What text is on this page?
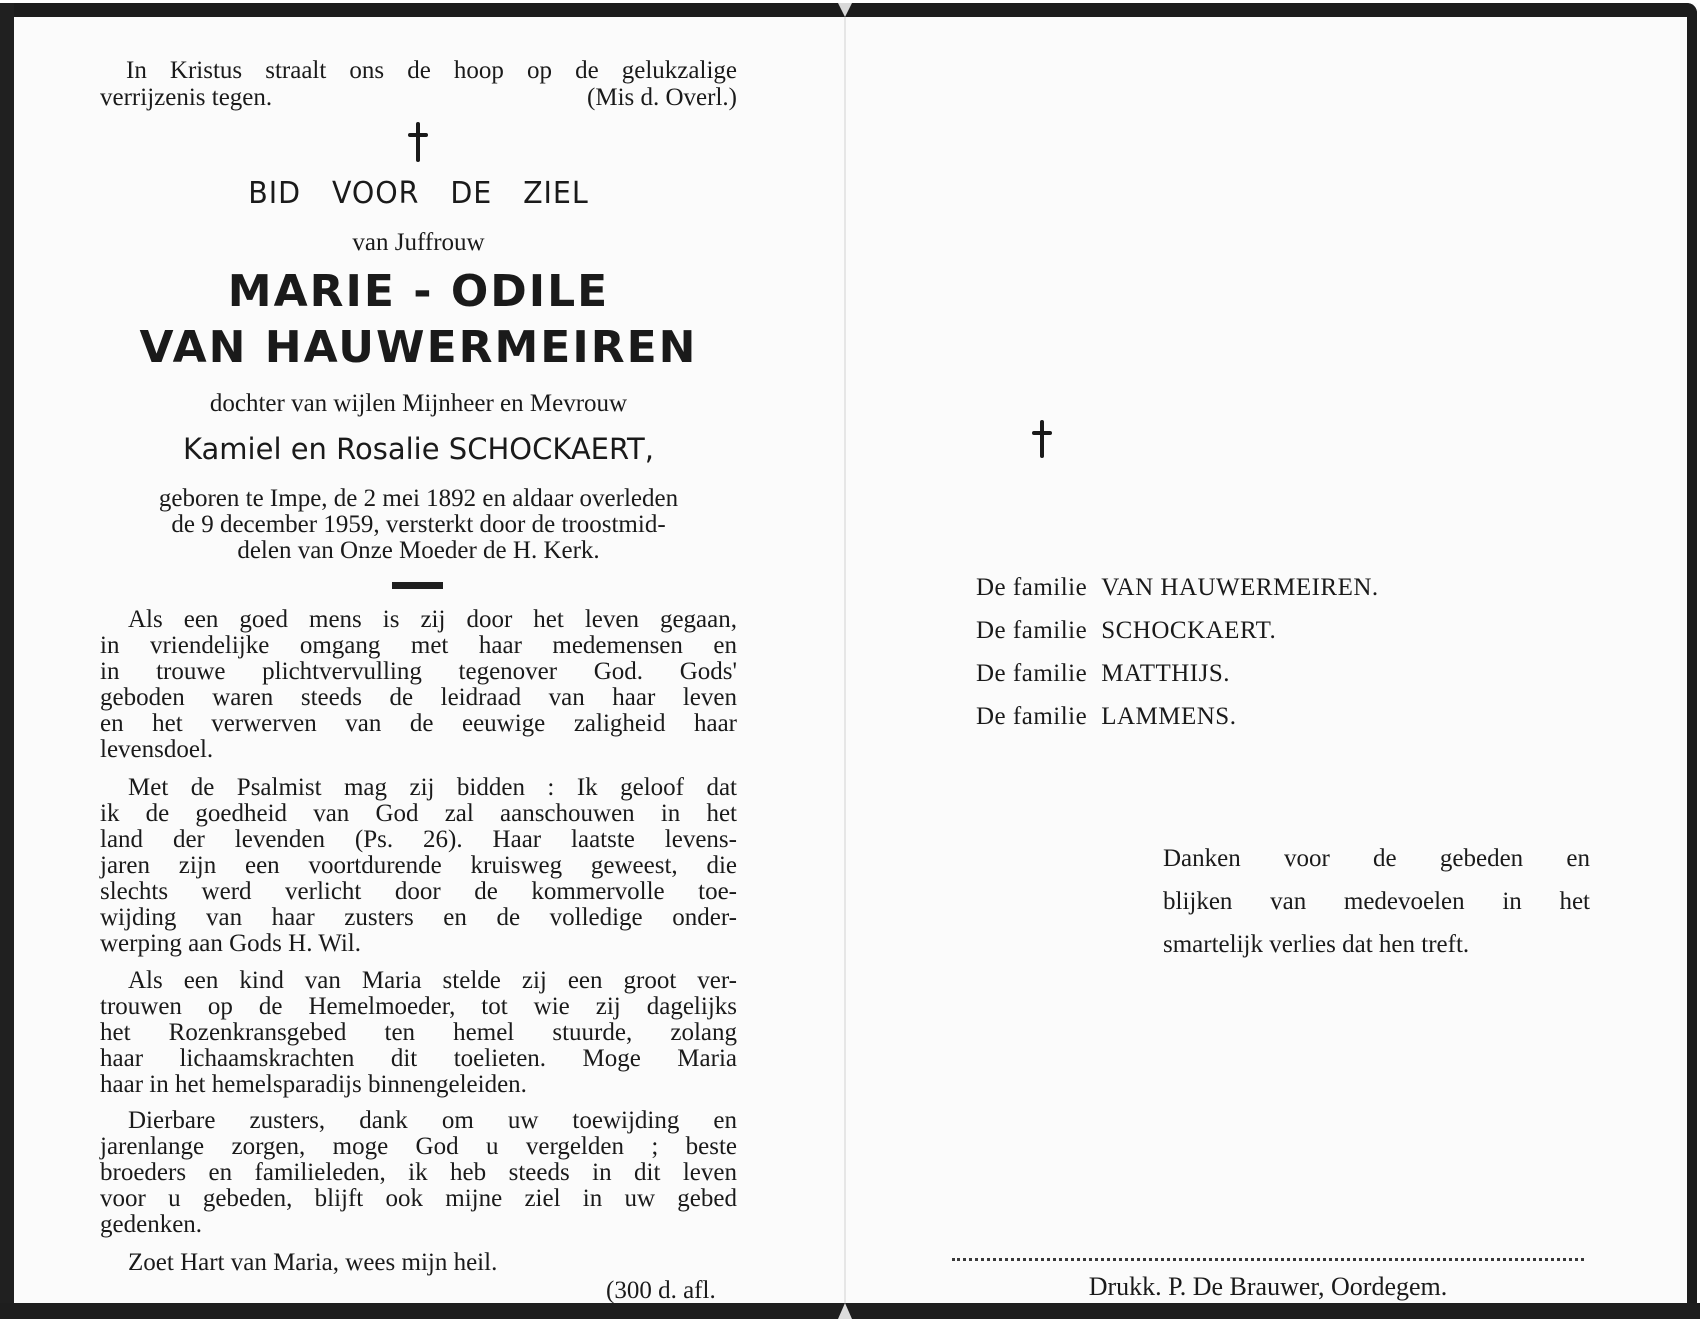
In Kristus straalt ons de hoop op de gelukzalige
verrijzenis tegen.	(Mis d. Overl.)
BID VOOR DE ZIEL
van Juffrouw
MARIE - ODILE
VAN HAUWERMEIREN
dochter van wijlen Mijnheer en Mevrouw
Kamiel en Rosalie SCHOCKAERT,
geboren te Impe, de 2 mei 1892 en aldaar overleden
de 9 december 1959, versterkt door de troostmid-
delen van Onze Moeder de H. Kerk.
Als een goed mens is zij door het leven gegaan,
in vriendelijke omgang met haar medemensen en
in trouwe plichtvervulling tegenover God. Gods'
geboden waren steeds de leidraad van haar leven
en het verwerven van de eeuwige zaligheid haar
levensdoel.
Met de Psalmist mag zij bidden : Ik geloof dat
ik de goedheid van God zal aanschouwen in het
land der levenden (Ps. 26). Haar laatste levens-
jaren zijn een voortdurende kruisweg geweest, die
slechts werd verlicht door de kommervolle toe-
wijding van haar zusters en de volledige onder-
werping aan Gods H. Wil.
Als een kind van Maria stelde zij een groot ver-
trouwen op de Hemelmoeder, tot wie zij dagelijks
het Rozenkransgebed ten hemel stuurde, zolang
haar lichaamskrachten dit toelieten. Moge Maria
haar in het hemelsparadijs binnengeleiden.
Dierbare zusters, dank om uw toewijding en
jarenlange zorgen, moge God u vergelden ; beste
broeders en familieleden, ik heb steeds in dit leven
voor u gebeden, blijft ook mijne ziel in uw gebed
gedenken.
Zoet Hart van Maria, wees mijn heil.
(300 d. afl.
De familie VAN HAUWERMEIREN.
De familie SCHOCKAERT.
De familie MATTHIJS.
De familie LAMMENS.
Danken voor de gebeden en
blijken van medevoelen in het
smartelijk verlies dat hen treft.
Drukk. P. De Brauwer, Oordegem.
